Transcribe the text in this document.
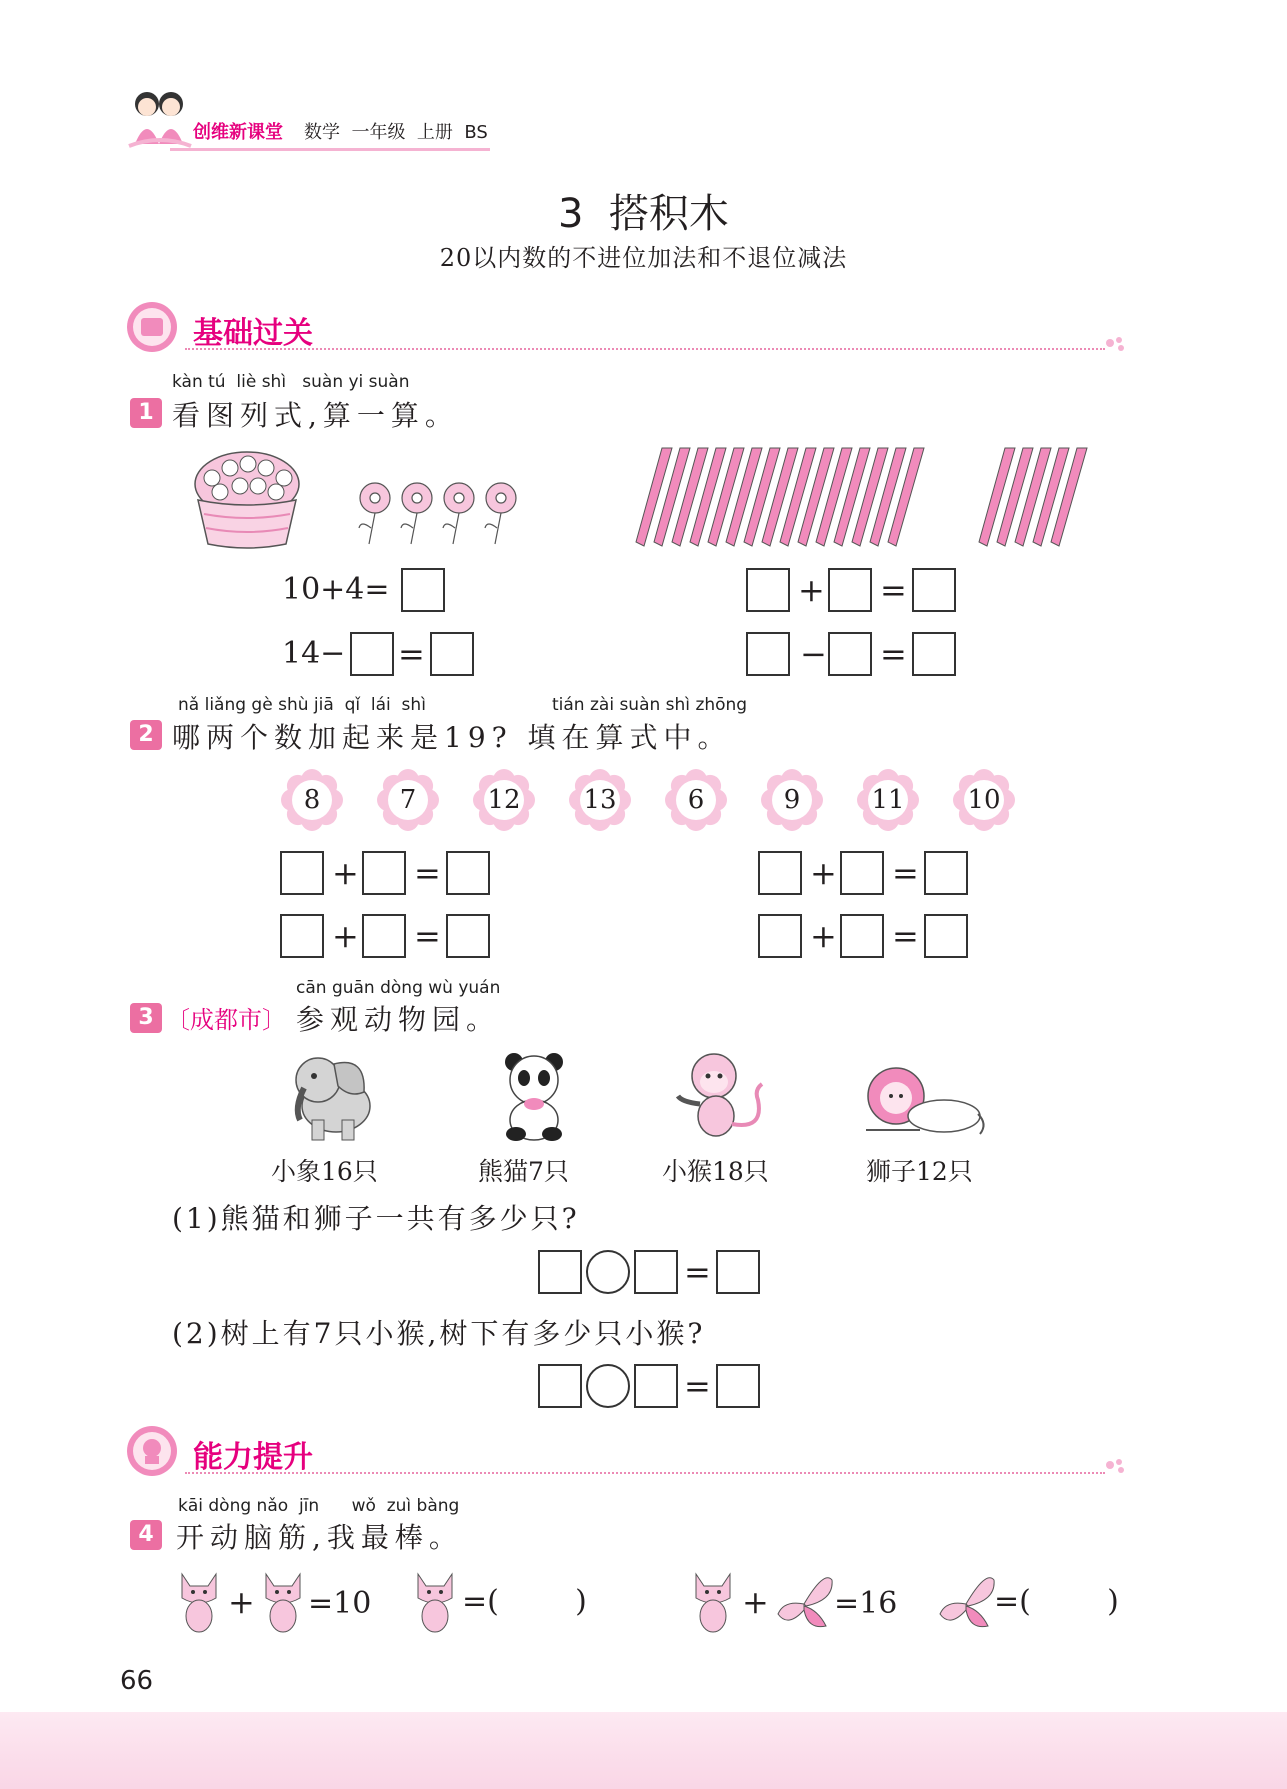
创维新课堂 数学  一年级  上册  BS
3  搭积木
20以内数的不进位加法和不退位减法
基础过关
kàn tú  liè shì   suàn yi suàn
1 看图列式,算一算。
10+4=
14− =
+ =
− =
nǎ liǎng gè shù jiā  qǐ  lái  shì	tián zài suàn shì zhōng
2 哪两个数加起来是19? 填在算式中。
8	7	12	13	6	9	11	10
+ =
+ =
+ =
+ =
cān guān dòng wù yuán
3 〔成都市〕 参观动物园。
小象16只	熊猫7只	小猴18只	狮子12只
(1)熊猫和狮子一共有多少只?
=
(2)树上有7只小猴,树下有多少只小猴?
=
能力提升
kāi dòng nǎo  jīn      wǒ  zuì bàng
4 开动脑筋,我最棒。
+ =10	=(        )	+ =16	=(        )
66
